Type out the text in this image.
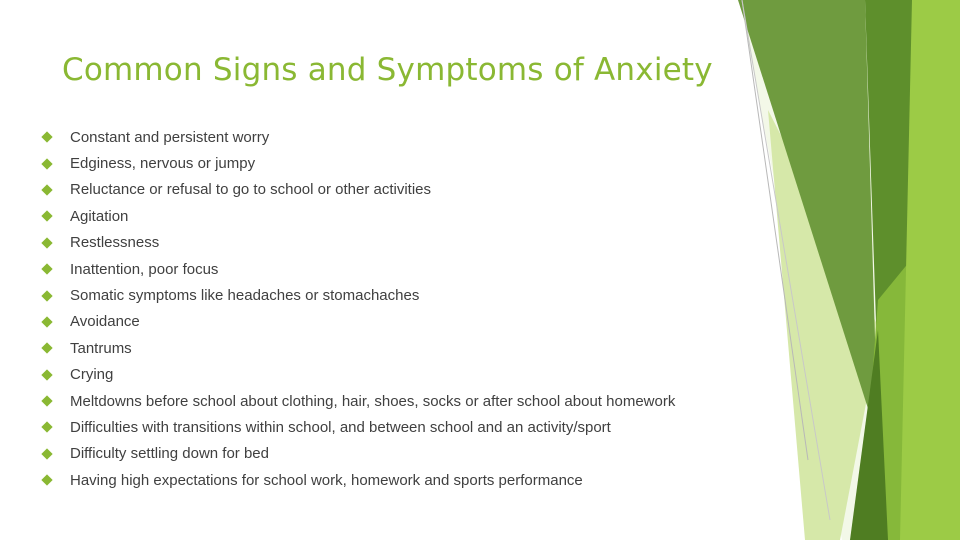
Common Signs and Symptoms of Anxiety
Constant and persistent worry
Edginess, nervous or jumpy
Reluctance or refusal to go to school or other activities
Agitation
Restlessness
Inattention, poor focus
Somatic symptoms like headaches or stomachaches
Avoidance
Tantrums
Crying
Meltdowns before school about clothing, hair, shoes, socks or after school about homework
Difficulties with transitions within school, and between school and an activity/sport
Difficulty settling down for bed
Having high expectations for school work, homework and sports performance
